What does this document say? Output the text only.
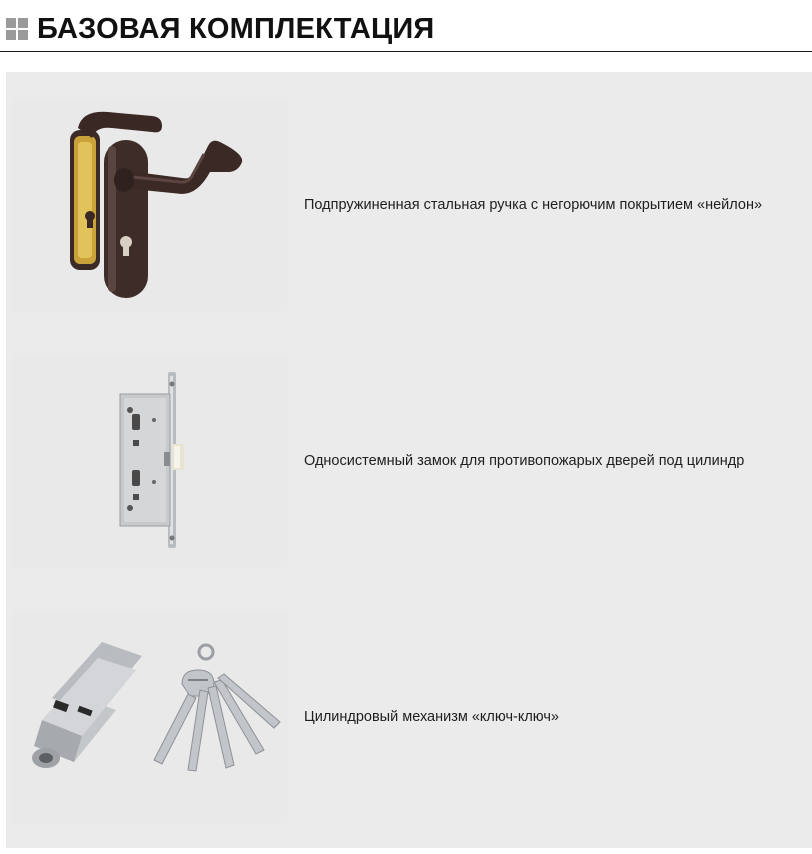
БАЗОВАЯ КОМПЛЕКТАЦИЯ
Подпружиненная стальная ручка с негорючим покрытием «нейлон»
Односистемный замок для противопожарых дверей под цилиндр
Цилиндровый механизм «ключ-ключ»
